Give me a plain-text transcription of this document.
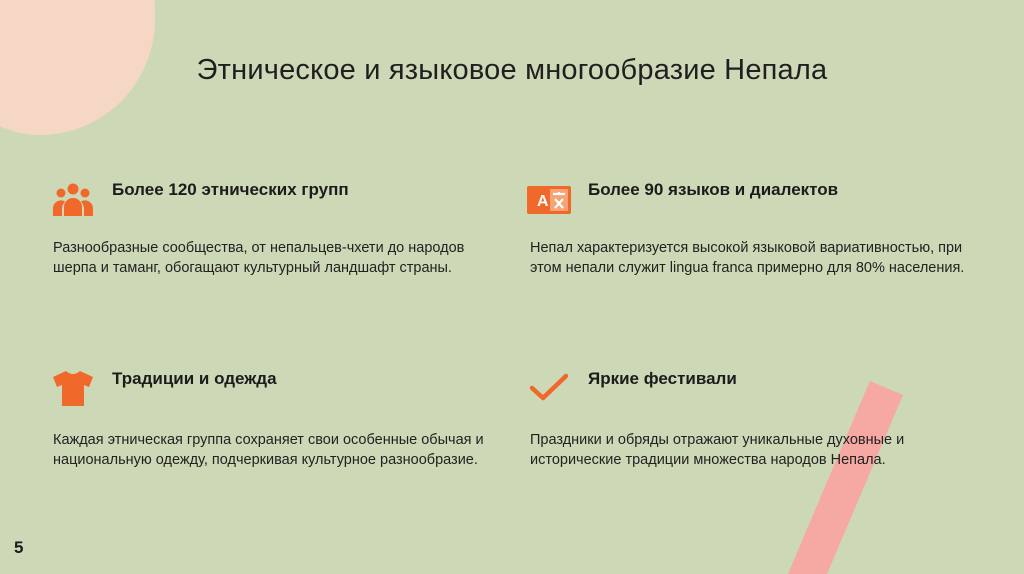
Этническое и языковое многообразие Непала
Более 120 этнических групп
Разнообразные сообщества, от непальцев-чхети до народов шерпа и таманг, обогащают культурный ландшафт страны.
A
Более 90 языков и диалектов
Непал характеризуется высокой языковой вариативностью, при этом непали служит lingua franca примерно для 80% населения.
Традиции и одежда
Каждая этническая группа сохраняет свои особенные обычая и национальную одежду, подчеркивая культурное разнообразие.
Яркие фестивали
Праздники и обряды отражают уникальные духовные и исторические традиции множества народов Непала.
5
